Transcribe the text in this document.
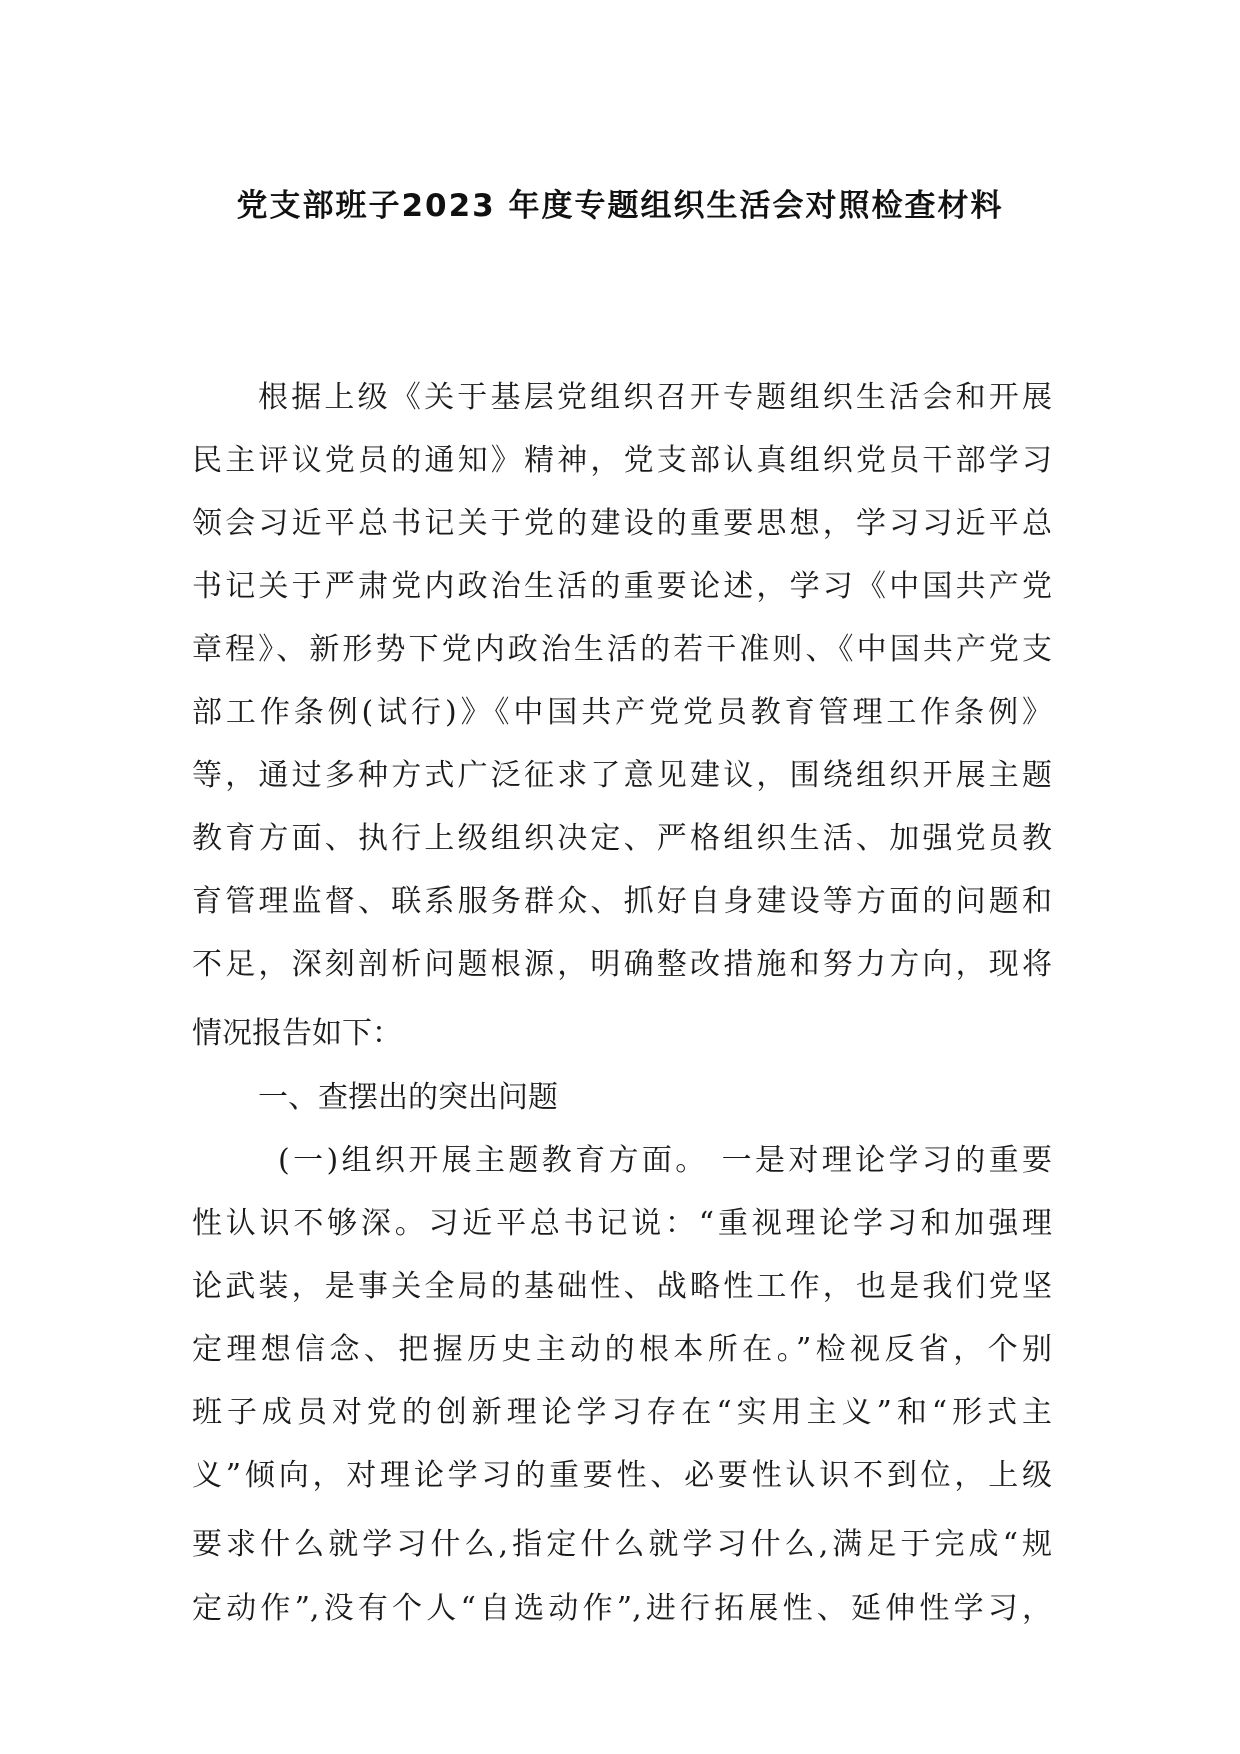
党支部班子2023 年度专题组织生活会对照检查材料
根据上级《关于基层党组织召开专题组织生活会和开展
民主评议党员的通知》精神，党支部认真组织党员干部学习
领会习近平总书记关于党的建设的重要思想，学习习近平总
书记关于严肃党内政治生活的重要论述，学习《中国共产党
章程》、新形势下党内政治生活的若干准则、《中国共产党支
部工作条例(试行)》《中国共产党党员教育管理工作条例》
等，通过多种方式广泛征求了意见建议，围绕组织开展主题
教育方面、执行上级组织决定、严格组织生活、加强党员教
育管理监督、联系服务群众、抓好自身建设等方面的问题和
不足，深刻剖析问题根源，明确整改措施和努力方向，现将
情况报告如下：
一、查摆出的突出问题
(一)组织开展主题教育方面。 一是对理论学习的重要
性认识不够深。习近平总书记说：“重视理论学习和加强理
论武装，是事关全局的基础性、战略性工作，也是我们党坚
定理想信念、把握历史主动的根本所在。”检视反省，个别
班子成员对党的创新理论学习存在“实用主义”和“形式主
义”倾向，对理论学习的重要性、必要性认识不到位，上级
要求什么就学习什么,指定什么就学习什么,满足于完成“规
定动作”,没有个人“自选动作”,进行拓展性、延伸性学习，
